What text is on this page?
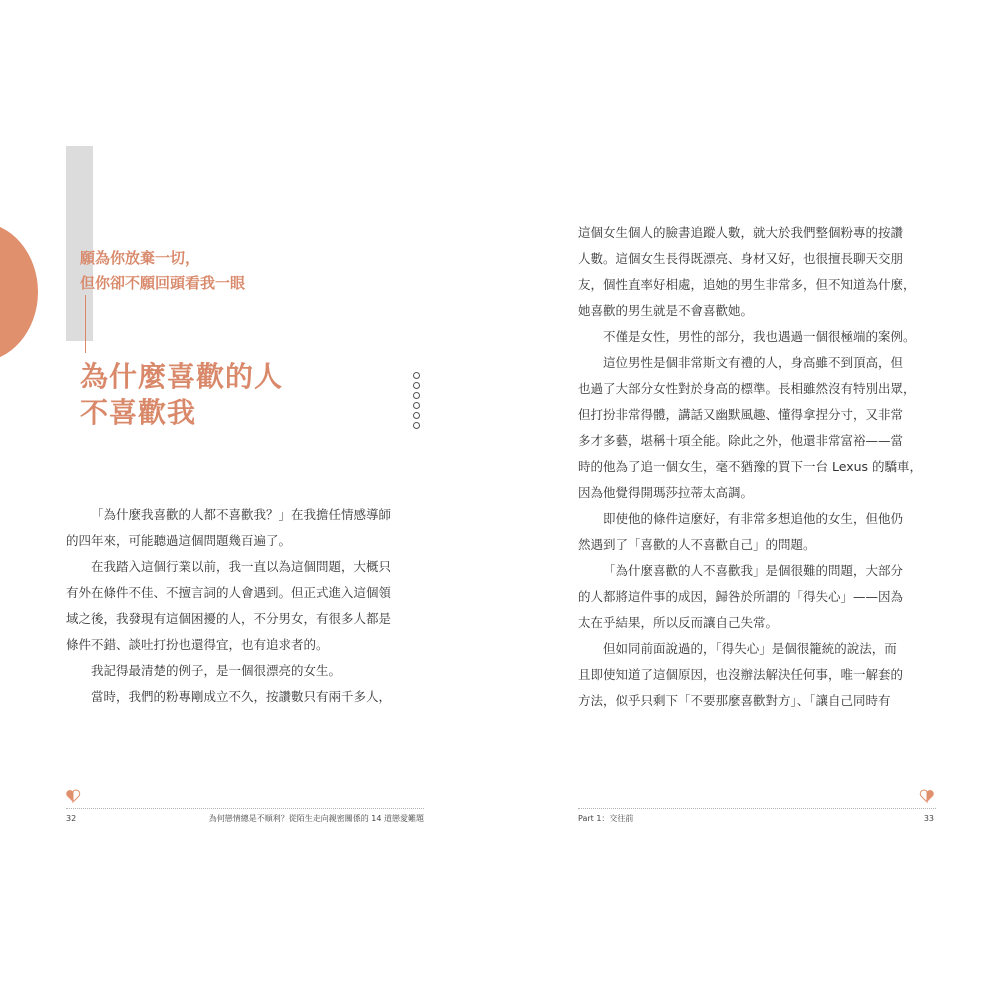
願為你放棄一切，
但你卻不願回頭看我一眼
為什麼喜歡的人
不喜歡我
「為什麼我喜歡的人都不喜歡我？」在我擔任情感導師
的四年來，可能聽過這個問題幾百遍了。
在我踏入這個行業以前，我一直以為這個問題，大概只
有外在條件不佳、不擅言詞的人會遇到。但正式進入這個領
域之後，我發現有這個困擾的人，不分男女，有很多人都是
條件不錯、談吐打扮也還得宜，也有追求者的。
我記得最清楚的例子，是一個很漂亮的女生。
當時，我們的粉專剛成立不久，按讚數只有兩千多人，
這個女生個人的臉書追蹤人數，就大於我們整個粉專的按讚
人數。這個女生長得既漂亮、身材又好，也很擅長聊天交朋
友，個性直率好相處，追她的男生非常多，但不知道為什麼，
她喜歡的男生就是不會喜歡她。
不僅是女性，男性的部分，我也遇過一個很極端的案例。
這位男性是個非常斯文有禮的人，身高雖不到頂高，但
也過了大部分女性對於身高的標準。長相雖然沒有特別出眾，
但打扮非常得體，講話又幽默風趣、懂得拿捏分寸，又非常
多才多藝，堪稱十項全能。除此之外，他還非常富裕——當
時的他為了追一個女生，毫不猶豫的買下一台 Lexus 的驕車，
因為他覺得開瑪莎拉蒂太高調。
即使他的條件這麼好，有非常多想追他的女生，但他仍
然遇到了「喜歡的人不喜歡自己」的問題。
「為什麼喜歡的人不喜歡我」是個很難的問題，大部分
的人都將這件事的成因，歸咎於所謂的「得失心」——因為
太在乎結果，所以反而讓自己失常。
但如同前面說過的，「得失心」是個很籠統的說法，而
且即使知道了這個原因，也沒辦法解決任何事，唯一解套的
方法，似乎只剩下「不要那麼喜歡對方」、「讓自己同時有
32	為何戀情總是不順利？從陌生走向親密關係的 14 道戀愛難題	Part 1：交往前	33
